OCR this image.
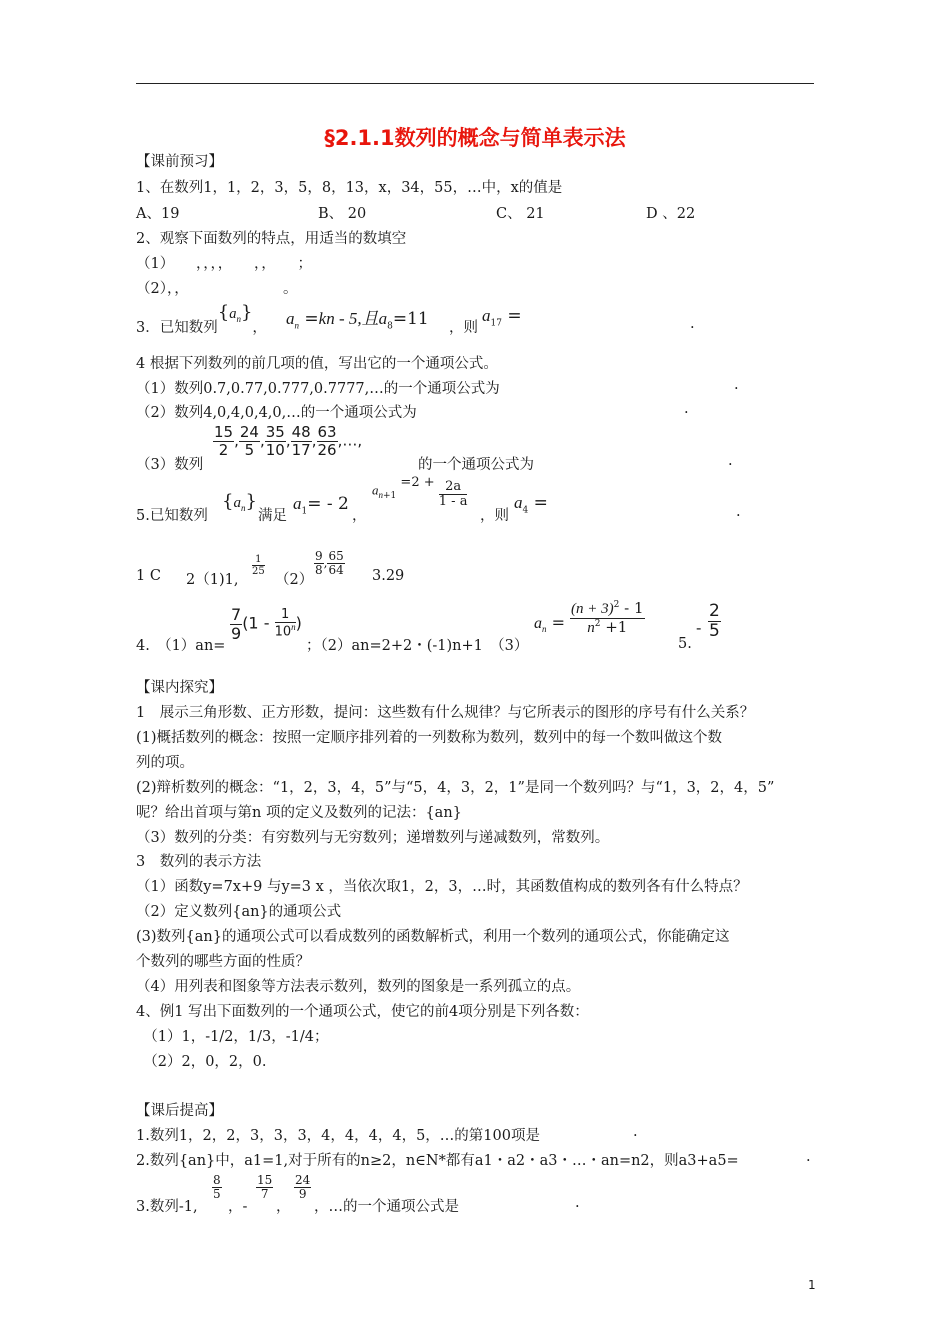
§2.1.1数列的概念与简单表示法
【课前预习】
1、在数列1，1，2，3，5，8，13，x，34，55，…中，x的值是
A、19	B、 20	C、 21	D 、22
2、观察下面数列的特点，用适当的数填空
（1）　　，，，，　　，，　　；
（2），，　　　　　　　。
3．已知数列$\{a_n\}$， $a_n =kn - 5$,且$a_8=11$ ，则
$a_{17}$ =	.
4 根据下列数列的前几项的值，写出它的一个通项公式。
（1）数列0.7,0.77,0.777,0.7777,…的一个通项公式为	.
（2）数列4,0,4,0,4,0,…的一个通项公式为	.
（3）数列
$\frac{15}{2}$ , $\frac{24}{5}$ , $\frac{35}{10}$ , $\frac{48}{17}$ , $\frac{63}{26}$ ,…,
的一个通项公式为	.
5.已知数列
$\{a_n\}$
满足
$a_1= - 2$
，
$a_{n+1} =2 + \frac{2a}{1 - a}$
，则
$a_4$ =	.
1 C 2（1)1,
$\frac{1}{25}$
（2）
$\frac{9}{8}$ , $\frac{65}{64} 3.29$
4.　（1）an=
$\frac{7}{9} (1 - \frac{1}{10^n}$ )
；（2）an=2+2・(-1)n+1　（3）
$a_n = \frac{(n + 3)^2 - 1}{n^2 +1}$
5.
- $\frac{2}{5}$
【课内探究】
1　展示三角形数、正方形数，提问：这些数有什么规律？与它所表示的图形的序号有什么关系？
(1)概括数列的概念：按照一定顺序排列着的一列数称为数列，数列中的每一个数叫做这个数
列的项。
(2)辩析数列的概念：“1，2，3，4，5”与“5，4，3，2，1”是同一个数列吗？与“1，3，2，4，5”
呢？给出首项与第n 项的定义及数列的记法：{an}
（3）数列的分类：有穷数列与无穷数列；递增数列与递减数列，常数列。
3　数列的表示方法
（1）函数y=7x+9 与y=3 x ，当依次取1，2，3，…时，其函数值构成的数列各有什么特点？
（2）定义数列{an}的通项公式
(3)数列{an}的通项公式可以看成数列的函数解析式，利用一个数列的通项公式，你能确定这
个数列的哪些方面的性质？
（4）用列表和图象等方法表示数列，数列的图象是一系列孤立的点。
4、例1 写出下面数列的一个通项公式，使它的前4项分别是下列各数：
　（1）1，-1/2，1/3，-1/4；
　（2）2，0，2，0.
【课后提高】
1.数列1，2，2，3，3，3，4，4，4，4，5，…的第100项是	.
2.数列{an}中，a1=1,对于所有的n≥2，n∈N*都有a1・a2・a3・…・an=n2，则a3+a5=	.
3.数列-1,
$\frac{8}{5}$
，-
$\frac{15}{7}$
，
$\frac{24}{9}$
，…的一个通项公式是	.
1
